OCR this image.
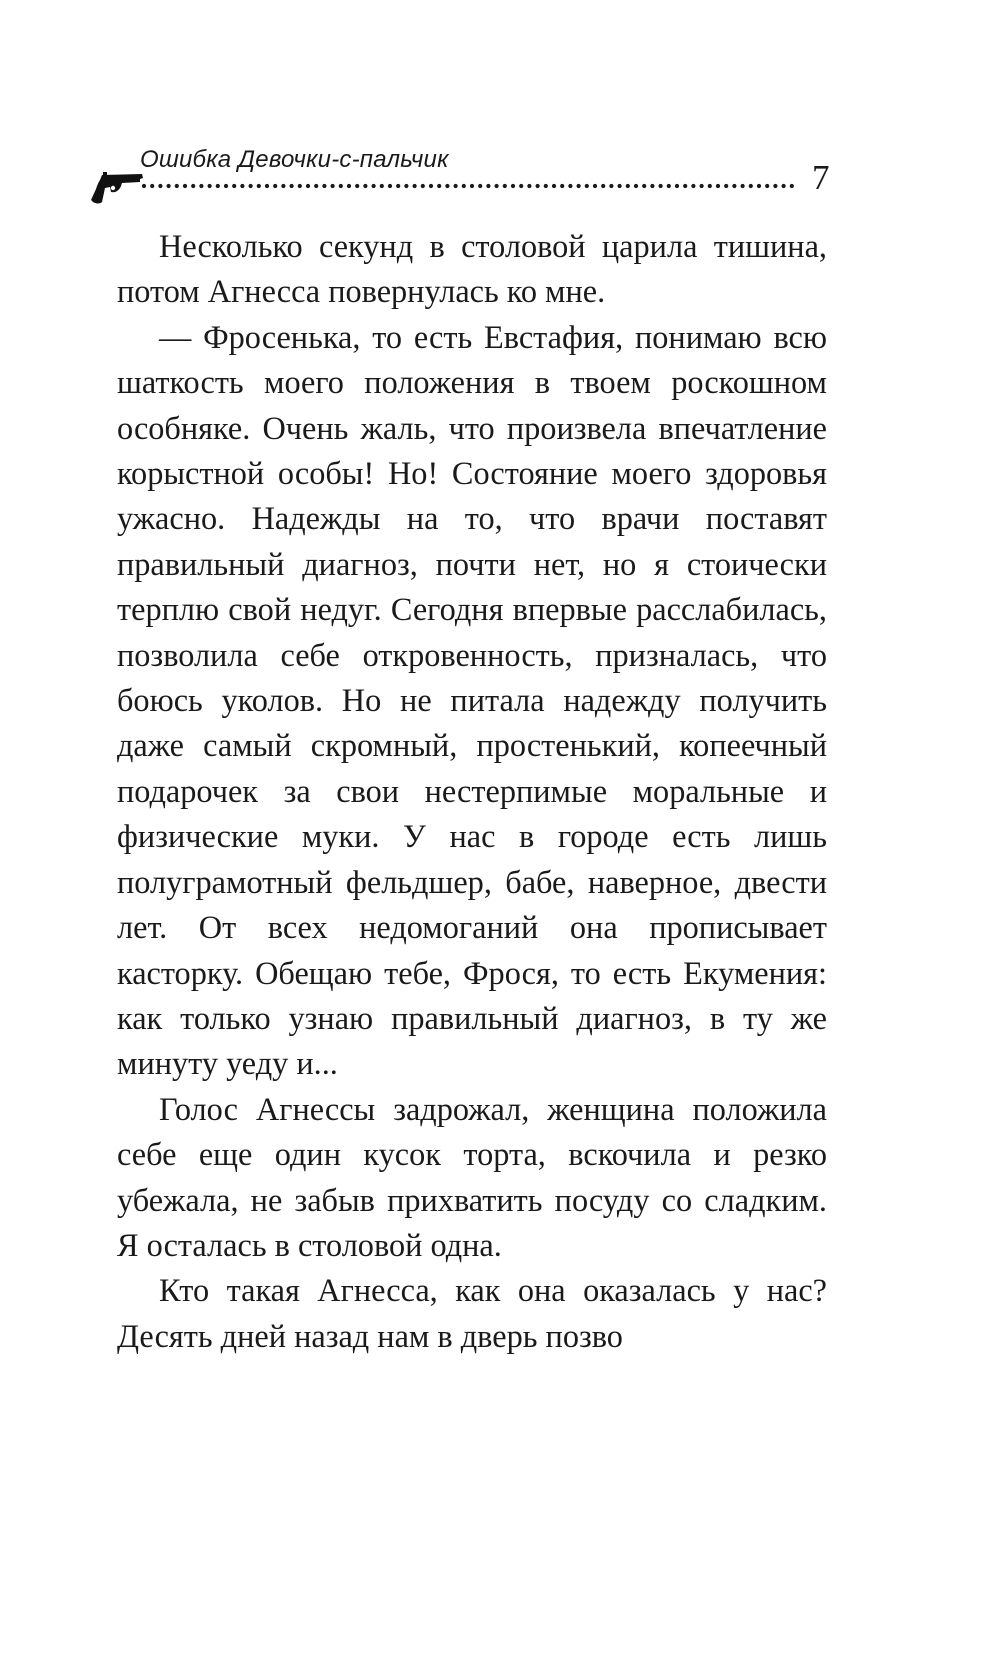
Ошибка Девочки-с-пальчик	7

Несколько секунд в столовой царила тишина, потом Агнесса повернулась ко мне.

— Фросенька, то есть Евстафия, понимаю всю шаткость моего положения в твоем роскошном особняке. Очень жаль, что произвела впечатление корыстной особы! Но! Состояние моего здоровья ужасно. Надежды на то, что врачи поставят правильный диагноз, почти нет, но я стоически терплю свой недуг. Сегодня впервые расслабилась, позволила себе откровенность, призналась, что боюсь уколов. Но не питала надежду получить даже самый скромный, простенький, копеечный подарочек за свои нестерпимые моральные и физические муки. У нас в городе есть лишь полуграмотный фельдшер, бабе, наверное, двести лет. От всех недомоганий она прописывает касторку. Обещаю тебе, Фрося, то есть Екумения: как только узнаю правильный диагноз, в ту же минуту уеду и...

Голос Агнессы задрожал, женщина положила себе еще один кусок торта, вскочила и резко убежала, не забыв прихватить посуду со сладким. Я осталась в столовой одна.

Кто такая Агнесса, как она оказалась у нас? Десять дней назад нам в дверь позво
